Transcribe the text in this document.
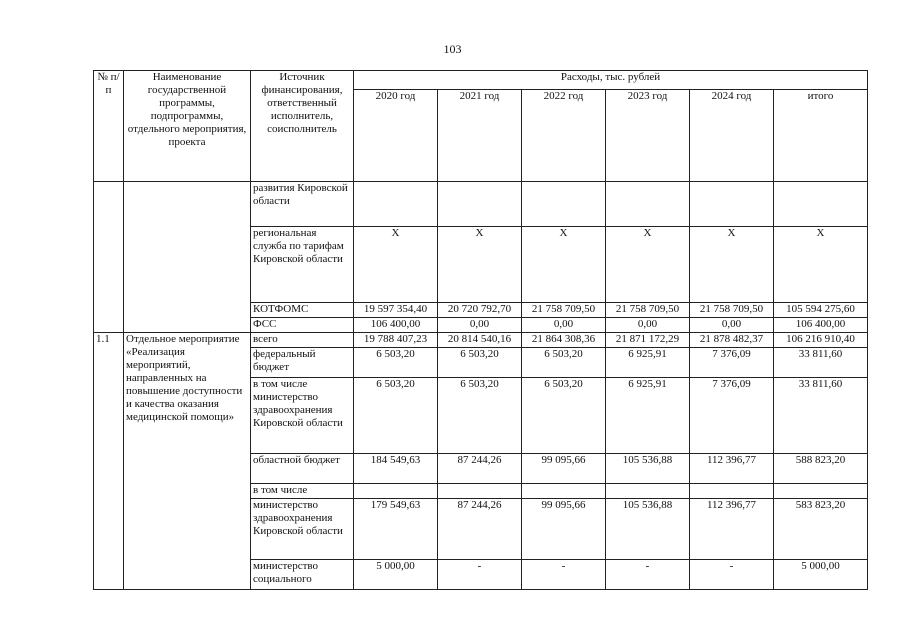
103
№ п/п	Наименование государственной программы, подпрограммы, отдельного мероприятия, проекта	Источник финансирования, ответственный исполнитель, соисполнитель	Расходы, тыс. рублей					
			2020 год	2021 год	2022 год	2023 год	2024 год	итого
		развития Кировской области						
		региональная служба по тарифам Кировской области	Х	Х	Х	Х	Х	Х
		КОТФОМС	19 597 354,40	20 720 792,70	21 758 709,50	21 758 709,50	21 758 709,50	105 594 275,60
		ФСС	106 400,00	0,00	0,00	0,00	0,00	106 400,00
1.1	Отдельное мероприятие «Реализация мероприятий, направленных на повышение доступности и качества оказания медицинской помощи»	всего	19 788 407,23	20 814 540,16	21 864 308,36	21 871 172,29	21 878 482,37	106 216 910,40
		федеральный бюджет	6 503,20	6 503,20	6 503,20	6 925,91	7 376,09	33 811,60
		в том числе министерство здравоохранения Кировской области	6 503,20	6 503,20	6 503,20	6 925,91	7 376,09	33 811,60
		областной бюджет	184 549,63	87 244,26	99 095,66	105 536,88	112 396,77	588 823,20
		в том числе						
		министерство здравоохранения Кировской области	179 549,63	87 244,26	99 095,66	105 536,88	112 396,77	583 823,20
		министерство социального	5 000,00	-	-	-	-	5 000,00
